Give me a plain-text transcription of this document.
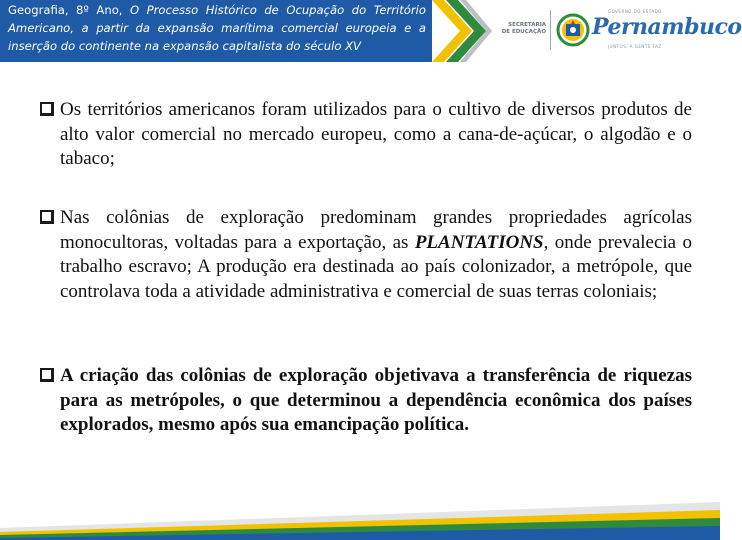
Geografia, 8º Ano, O Processo Histórico de Ocupação do Território Americano, a partir da expansão marítima comercial europeia e a inserção do continente na expansão capitalista do século XV
SECRETARIA DE EDUCAÇÃO
GOVERNO DO ESTADO
Pernambuco
JUNTOS, A GENTE FAZ
Os territórios americanos foram utilizados para o cultivo de diversos produtos de alto valor comercial no mercado europeu, como a cana-de-açúcar, o algodão e o tabaco;
Nas colônias de exploração predominam grandes propriedades agrícolas monocultoras, voltadas para a exportação, as PLANTATIONS, onde prevalecia o trabalho escravo; A produção era destinada ao país colonizador, a metrópole, que controlava toda a atividade administrativa e comercial de suas terras coloniais;
A criação das colônias de exploração objetivava a transferência de riquezas para as metrópoles, o que determinou a dependência econômica dos países explorados, mesmo após sua emancipação política.
